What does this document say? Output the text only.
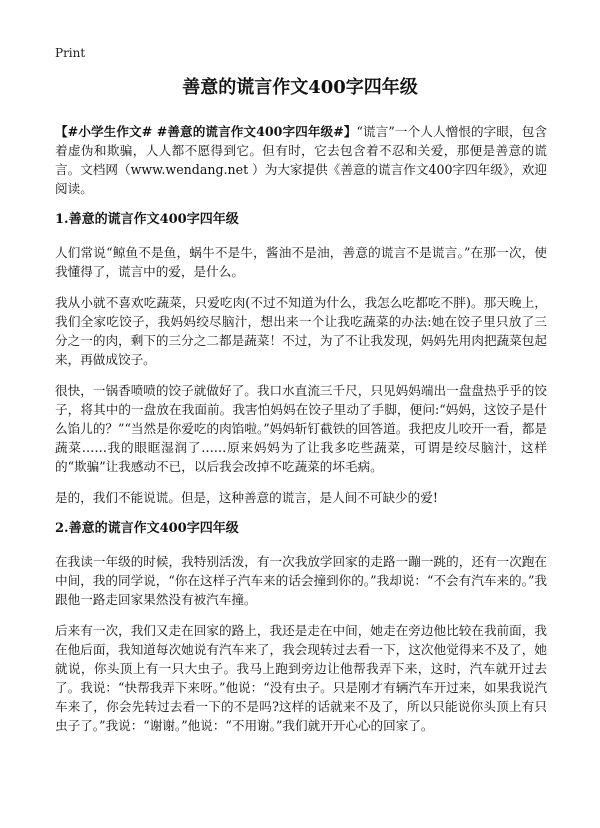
Print
善意的谎言作文400字四年级

【#小学生作文# #善意的谎言作文400字四年级#】“谎言”一个人人憎恨的字眼，包含着虚伪和欺骗，人人都不愿得到它。但有时，它去包含着不忍和关爱，那便是善意的谎言。文档网（www.wendang.net ）为大家提供《善意的谎言作文400字四年级》，欢迎阅读。

1.善意的谎言作文400字四年级

人们常说“鲸鱼不是鱼，蜗牛不是牛，酱油不是油，善意的谎言不是谎言。”在那一次，使我懂得了，谎言中的爱，是什么。

我从小就不喜欢吃蔬菜，只爱吃肉(不过不知道为什么，我怎么吃都吃不胖)。那天晚上，我们全家吃饺子，我妈妈绞尽脑汁，想出来一个让我吃蔬菜的办法:她在饺子里只放了三分之一的肉，剩下的三分之二都是蔬菜！不过，为了不让我发现，妈妈先用肉把蔬菜包起来，再做成饺子。

很快，一锅香喷喷的饺子就做好了。我口水直流三千尺，只见妈妈端出一盘盘热乎乎的饺子，将其中的一盘放在我面前。我害怕妈妈在饺子里动了手脚，便问:“妈妈，这饺子是什么馅儿的？”“当然是你爱吃的肉馅啦。”妈妈斩钉截铁的回答道。我把皮儿咬开一看，都是蔬菜……我的眼眶湿润了……原来妈妈为了让我多吃些蔬菜，可谓是绞尽脑汁，这样的“欺骗”让我感动不已，以后我会改掉不吃蔬菜的坏毛病。

是的，我们不能说谎。但是，这种善意的谎言，是人间不可缺少的爱!

2.善意的谎言作文400字四年级

在我读一年级的时候，我特别活泼，有一次我放学回家的走路一蹦一跳的，还有一次跑在中间，我的同学说，“你在这样子汽车来的话会撞到你的。”我却说：“不会有汽车来的。”我跟他一路走回家果然没有被汽车撞。

后来有一次，我们又走在回家的路上，我还是走在中间，她走在旁边他比较在我前面，我在他后面，我知道每次她说有汽车来了，我会现转过去看一下，这次他觉得来不及了，她就说，你头顶上有一只大虫子。我马上跑到旁边让他帮我弄下来，这时，汽车就开过去了。我说：“快帮我弄下来呀。”他说：“没有虫子。只是刚才有辆汽车开过来，如果我说汽车来了，你会先转过去看一下的不是吗?这样的话就来不及了，所以只能说你头顶上有只虫子了。”我说：“谢谢。”他说：“不用谢。”我们就开开心心的回家了。
